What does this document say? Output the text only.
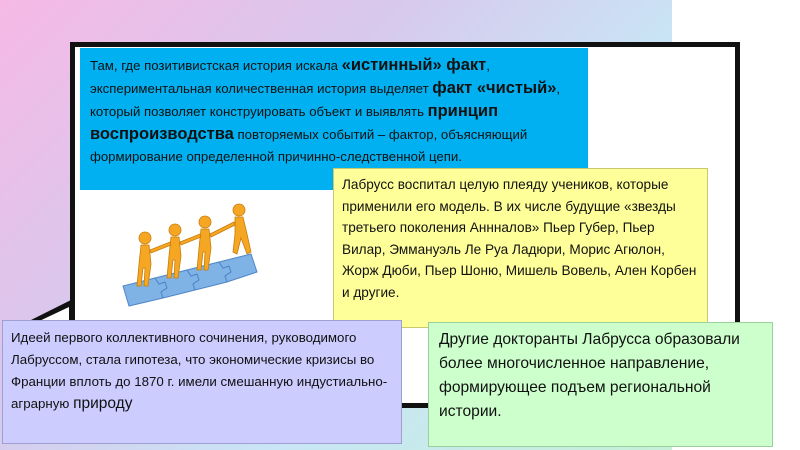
Там, где позитивистская история искала «истинный» факт, экспериментальная количественная история выделяет факт «чистый», который позволяет конструировать объект и выявлять принцип воспроизводства повторяемых событий – фактор, объясняющий формирование определенной причинно-следственной цепи.
Лабрусс воспитал целую плеяду учеников, которые применили его модель. В их числе будущие «звезды третьего поколения Аннналов» Пьер Губер, Пьер Вилар, Эммануэль Ле Руа Ладюри, Морис Агюлон, Жорж Дюби, Пьер Шоню, Мишель Вовель, Ален Корбен и другие.
Идеей первого коллективного сочинения, руководимого Лабруссом, стала гипотеза, что экономические кризисы во Франции вплоть до 1870 г. имели смешанную индустиально-аграрную природу
Другие докторанты Лабрусса образовали более многочисленное направление, формирующее подъем региональной истории.
